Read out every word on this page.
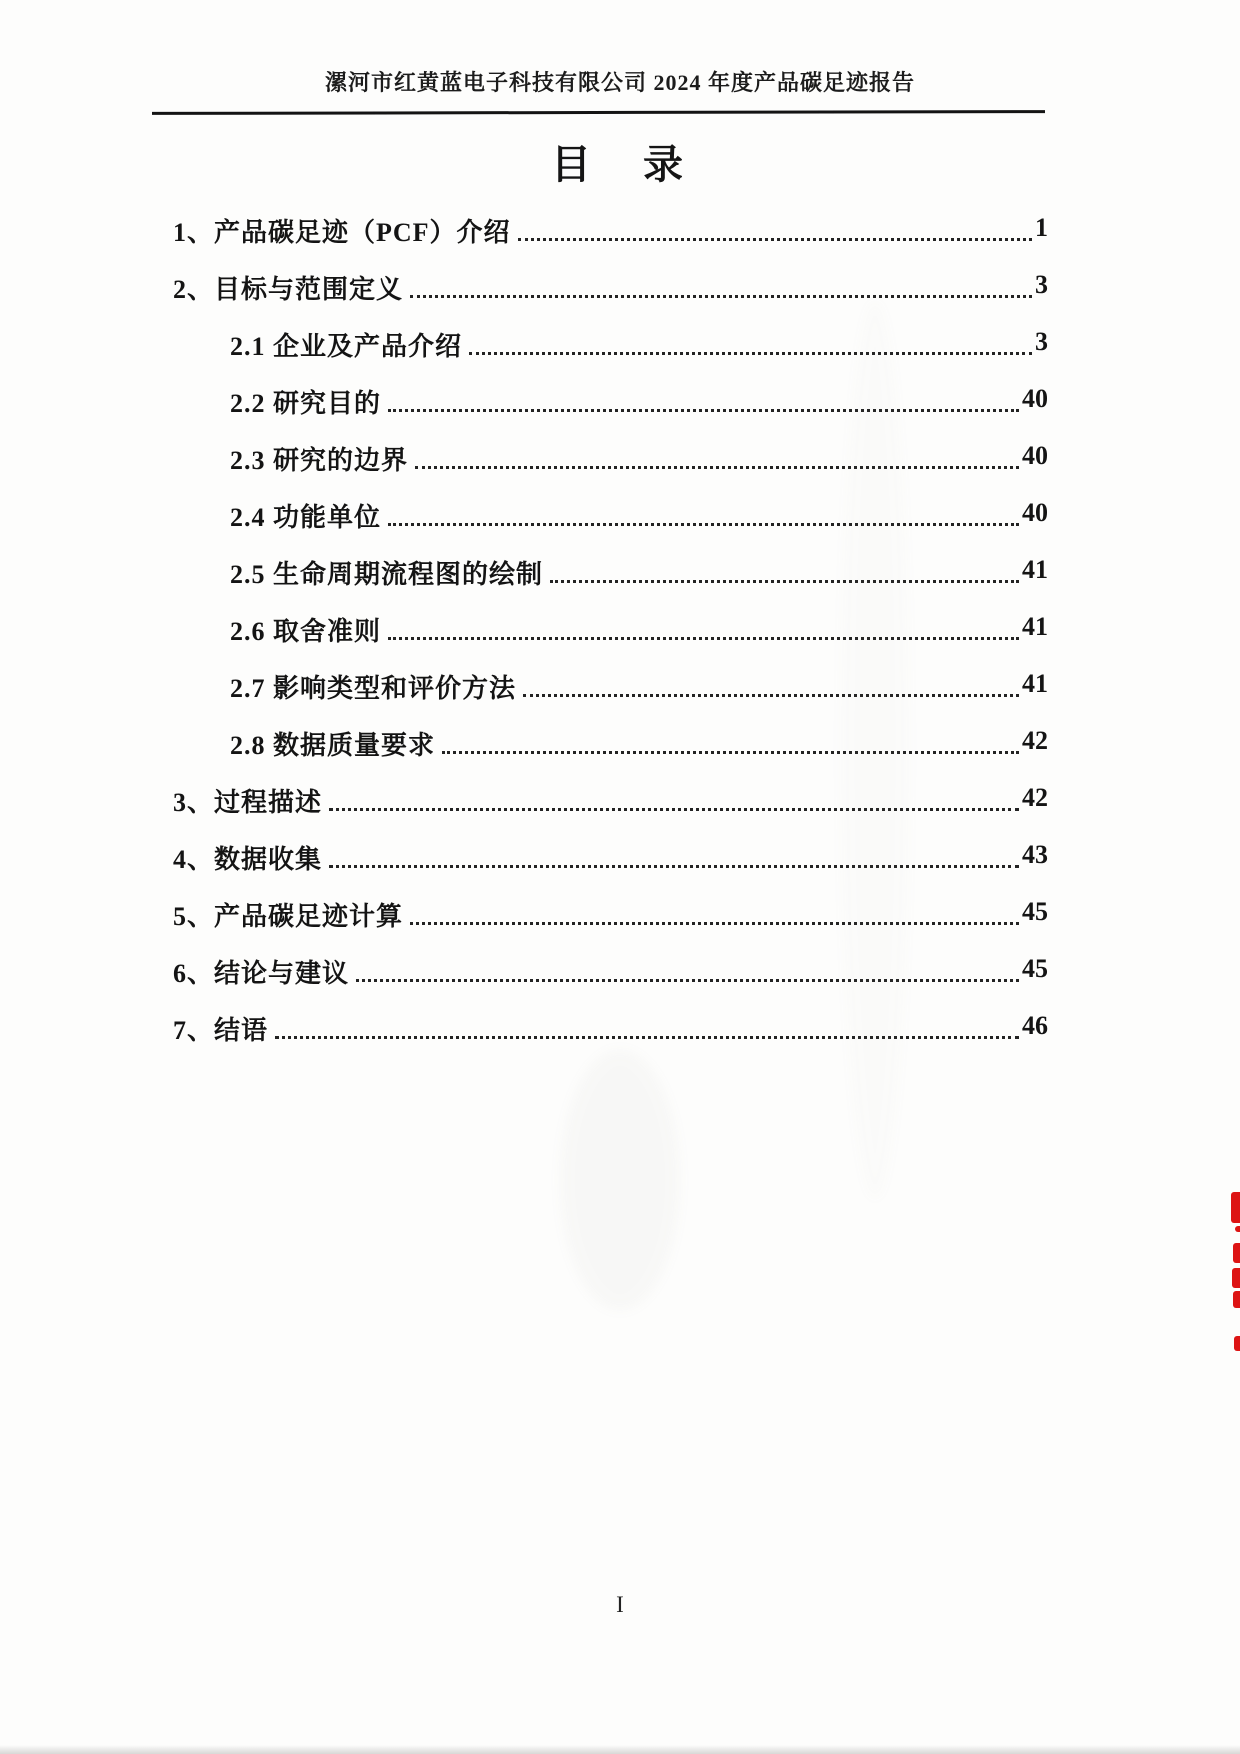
漯河市红黄蓝电子科技有限公司 2024 年度产品碳足迹报告
目　录
1、产品碳足迹（PCF）介绍	1
2、目标与范围定义	3
2.1 企业及产品介绍	3
2.2 研究目的	40
2.3 研究的边界	40
2.4 功能单位	40
2.5 生命周期流程图的绘制	41
2.6 取舍准则	41
2.7 影响类型和评价方法	41
2.8 数据质量要求	42
3、过程描述	42
4、数据收集	43
5、产品碳足迹计算	45
6、结论与建议	45
7、结语	46
I
